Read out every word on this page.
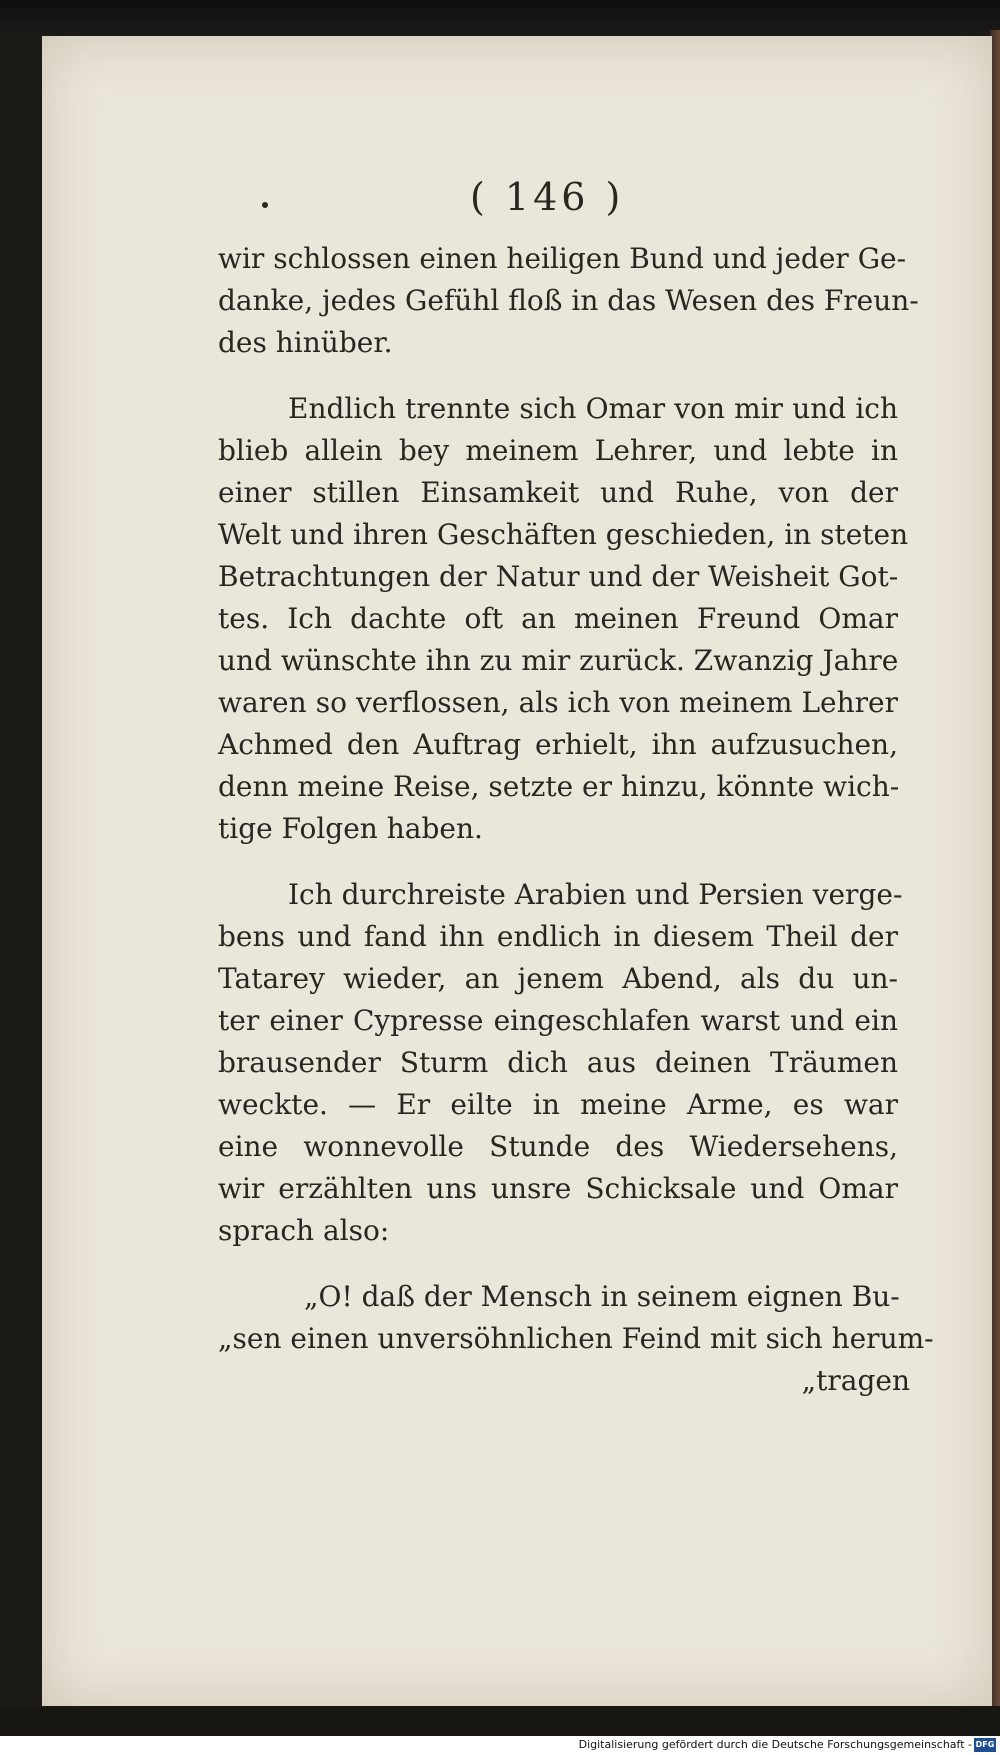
( 146 )
wir schlossen einen heiligen Bund und jeder Ge-
danke, jedes Gefühl floß in das Wesen des Freun-
des hinüber.
Endlich trennte sich Omar von mir und ich
blieb allein bey meinem Lehrer, und lebte in
einer stillen Einsamkeit und Ruhe, von der
Welt und ihren Geschäften geschieden, in steten
Betrachtungen der Natur und der Weisheit Got-
tes. Ich dachte oft an meinen Freund Omar
und wünschte ihn zu mir zurück. Zwanzig Jahre
waren so verflossen, als ich von meinem Lehrer
Achmed den Auftrag erhielt, ihn aufzusuchen,
denn meine Reise, setzte er hinzu, könnte wich-
tige Folgen haben.
Ich durchreiste Arabien und Persien verge-
bens und fand ihn endlich in diesem Theil der
Tatarey wieder, an jenem Abend, als du un-
ter einer Cypresse eingeschlafen warst und ein
brausender Sturm dich aus deinen Träumen
weckte. — Er eilte in meine Arme, es war
eine wonnevolle Stunde des Wiedersehens,
wir erzählten uns unsre Schicksale und Omar
sprach also:
„O! daß der Mensch in seinem eignen Bu-
„sen einen unversöhnlichen Feind mit sich herum-
„tragen
Digitalisierung gefördert durch die Deutsche Forschungsgemeinschaft - DFG
